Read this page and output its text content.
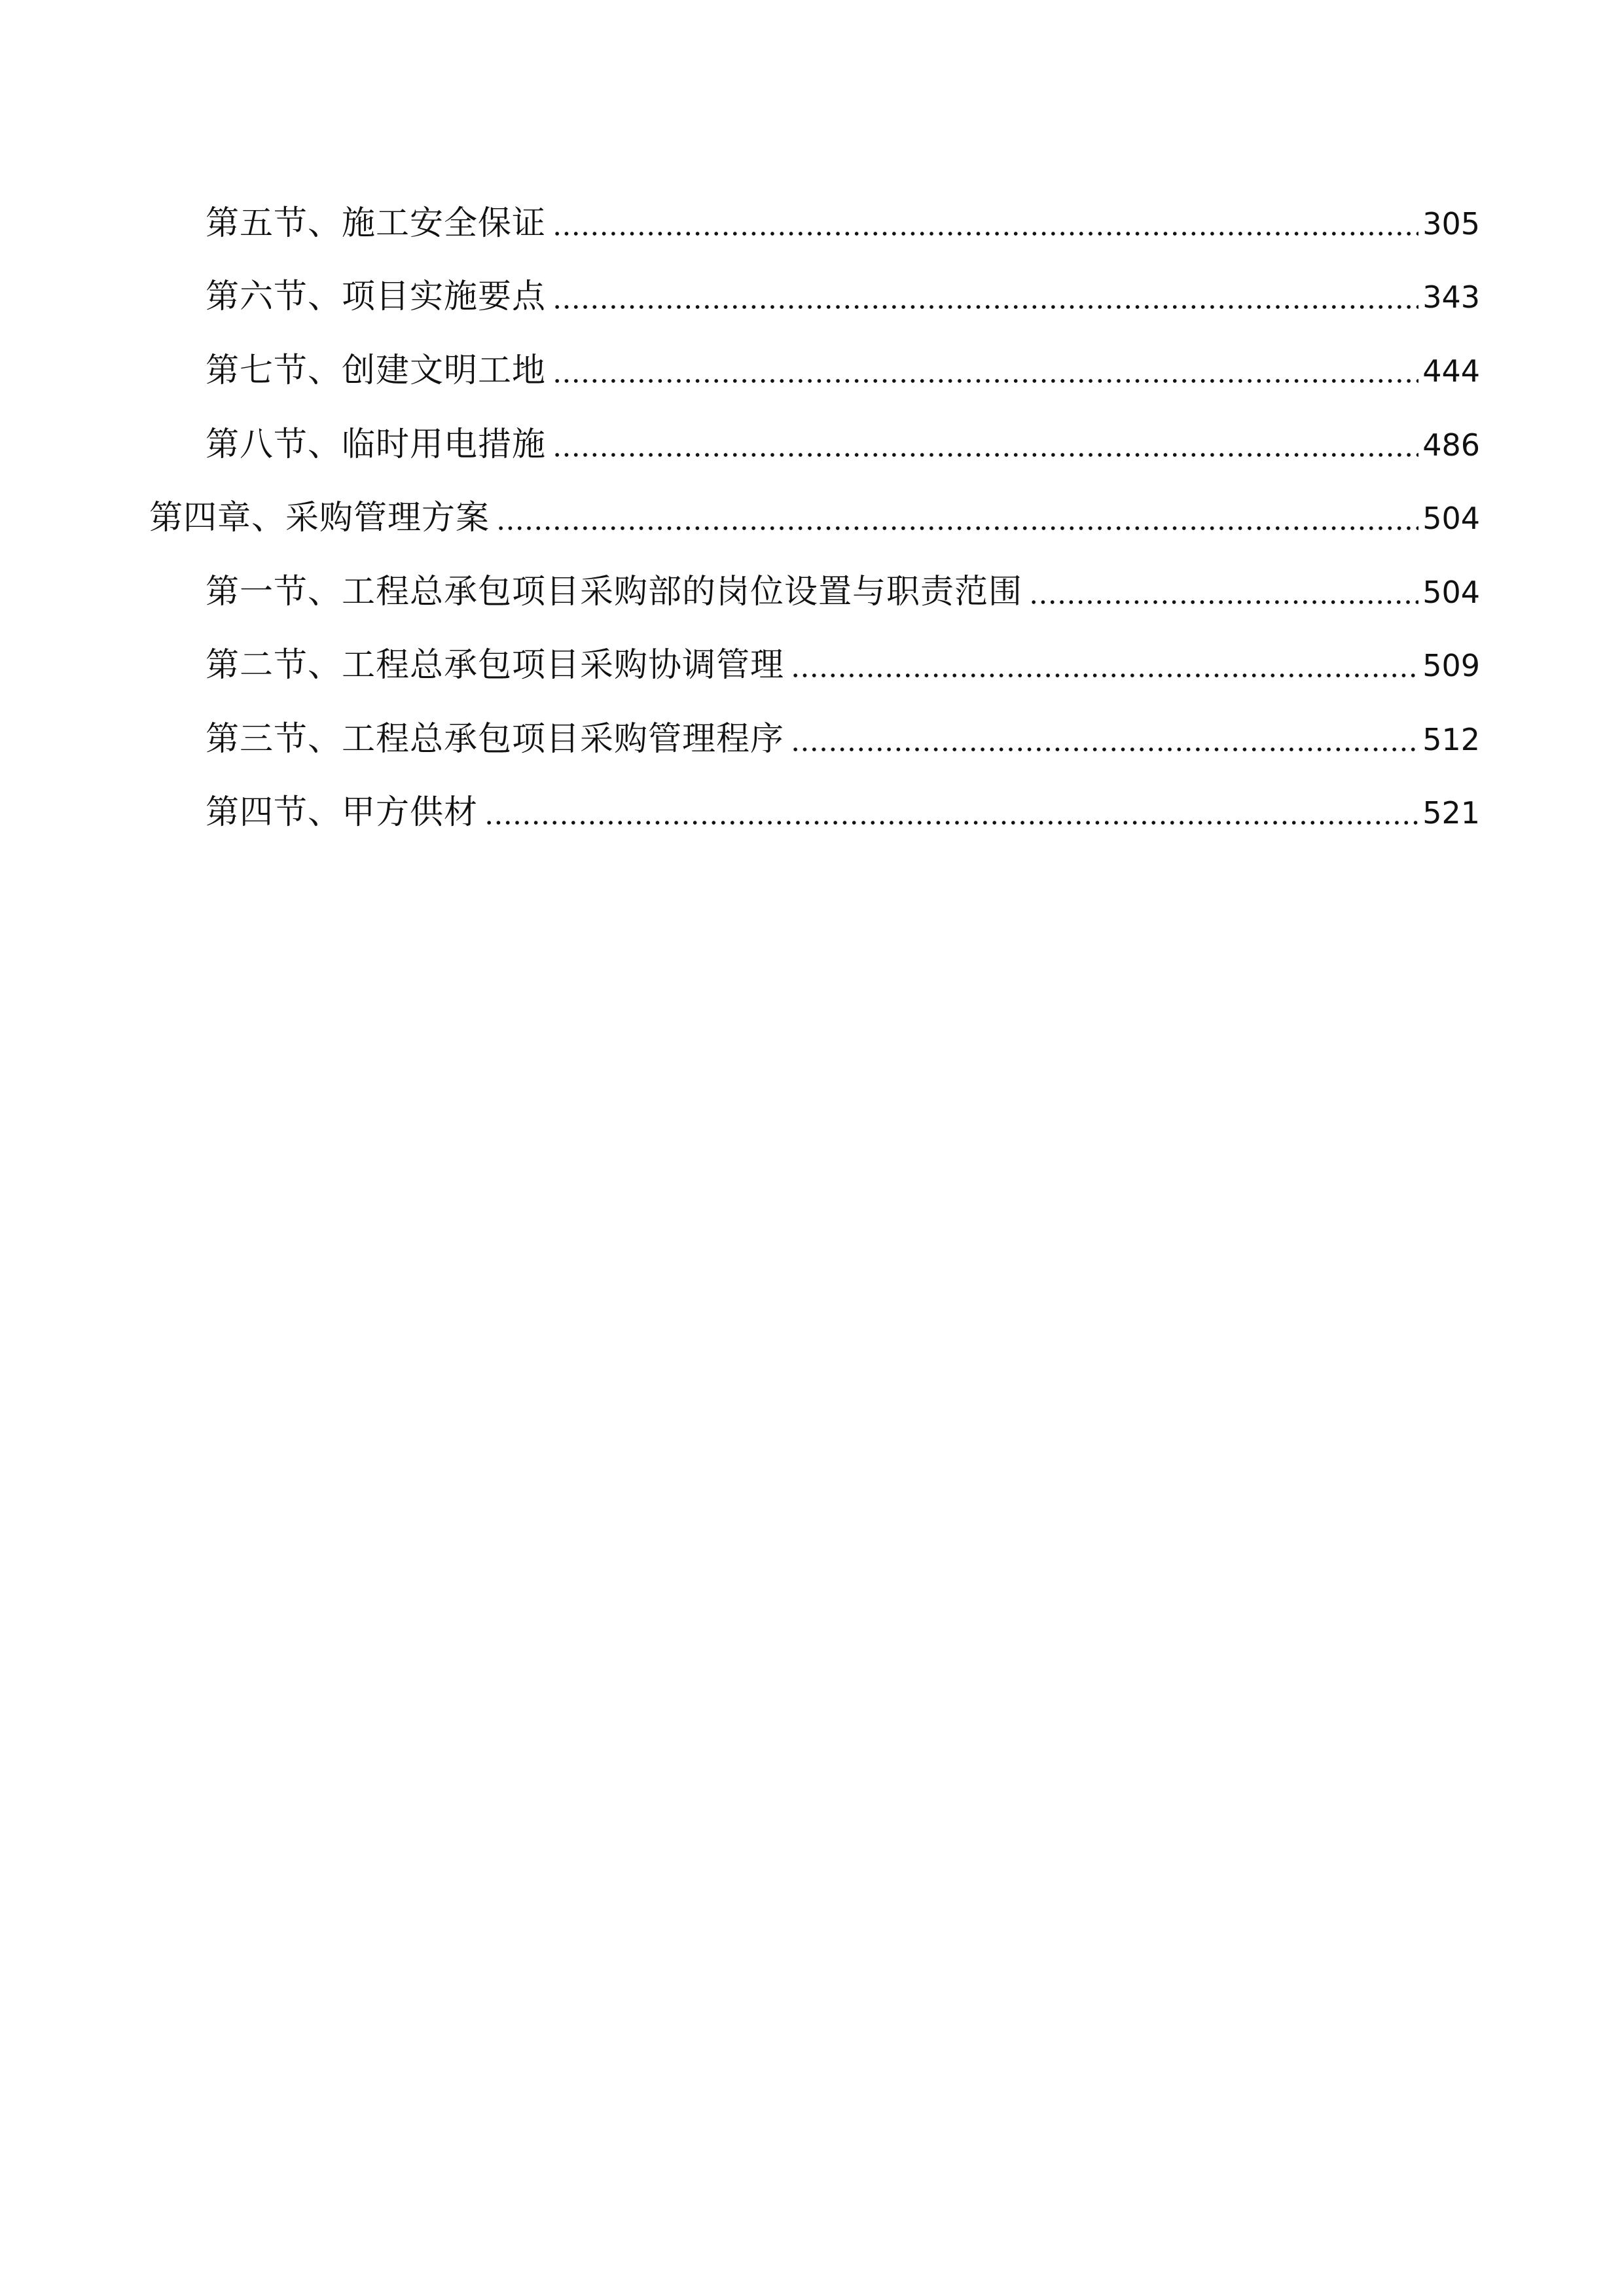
第五节、施工安全保证	305
第六节、项目实施要点	343
第七节、创建文明工地	444
第八节、临时用电措施	486
第四章、采购管理方案	504
第一节、工程总承包项目采购部的岗位设置与职责范围	504
第二节、工程总承包项目采购协调管理	509
第三节、工程总承包项目采购管理程序	512
第四节、甲方供材	521
